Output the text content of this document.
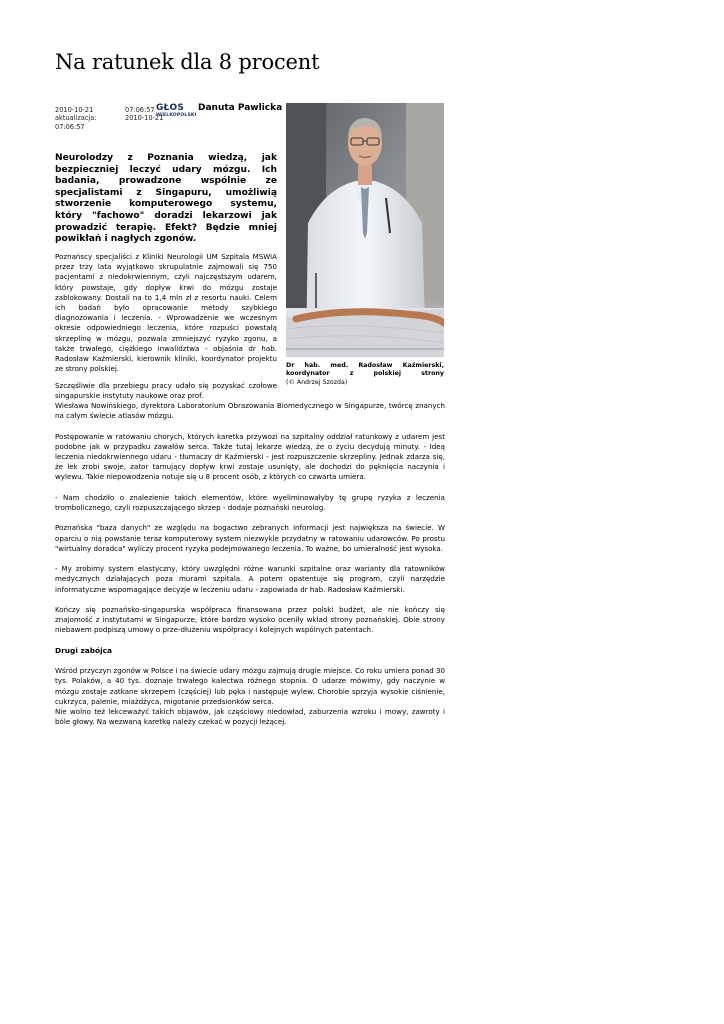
Na ratunek dla 8 procent
2010-10-21	07:06:57
aktualizacja:	2010-10-21
07:06:57
GŁOS
WIELKOPOLSKI
Danuta Pawlicka
Dr hab. med. Radosław Kaźmierski, koordynator z polskiej strony
(© Andrzej Szozda)

Neurolodzy z Poznania wiedzą, jak bezpieczniej leczyć udary mózgu. Ich badania, prowadzone wspólnie ze specjalistami z Singapuru, umożliwią stworzenie komputerowego systemu, który "fachowo" doradzi lekarzowi jak prowadzić terapię. Efekt? Będzie mniej powikłań i nagłych zgonów.

Poznańscy specjaliści z Kliniki Neurologii UM Szpitala MSWiA przez trzy lata wyjątkowo skrupulatnie zajmowali się 750 pacjentami z niedokrwiennym, czyli najczęstszym udarem, który powstaje, gdy dopływ krwi do mózgu zostaje zablokowany. Dostali na to 1,4 mln zł z resortu nauki. Celem ich badań było opracowanie metody szybkiego diagnozowania i leczenia. - Wprowadzenie we wczesnym okresie odpowiedniego leczenia, które rozpuści powstałą skrzeplinę w mózgu, pozwala zmniejszyć ryzyko zgonu, a także trwałego, ciężkiego inwalidztwa - objaśnia dr hab. Radosław Kaźmierski, kierownik kliniki, koordynator projektu ze strony polskiej.

Szczęśliwie dla przebiegu pracy udało się pozyskać czołowe singapurskie instytuty naukowe oraz prof.

Wiesława Nowińskiego, dyrektora Laboratorium Obrazowania Biomedycznego w Singapurze, twórcę znanych na całym świecie atlasów mózgu.

Postępowanie w ratowaniu chorych, których karetka przywozi na szpitalny oddział ratunkowy z udarem jest podobne jak w przypadku zawałów serca. Także tutaj lekarze wiedzą, że o życiu decydują minuty. - Ideą leczenia niedokrwiennego udaru - tłumaczy dr Kaźmierski - jest rozpuszczenie skrzepliny. Jednak zdarza się, że lek zrobi swoje, zator tamujący dopływ krwi zostaje usunięty, ale dochodzi do pęknięcia naczynia i wylewu. Takie niepowodzenia notuje się u 8 procent osób, z których co czwarta umiera.

- Nam chodziło o znalezienie takich elementów, które wyeliminowałyby tę grupę ryzyka z leczenia trombolicznego, czyli rozpuszczającego skrzep - dodaje poznański neurolog.

Poznańska "baza danych" ze względu na bogactwo zebranych informacji jest największa na świecie. W oparciu o nią powstanie teraz komputerowy system niezwykle przydatny w ratowaniu udarowców. Po prostu "wirtualny doradca" wyliczy procent ryzyka podejmowanego leczenia. To ważne, bo umieralność jest wysoka.

- My zrobimy system elastyczny, który uwzględni różne warunki szpitalne oraz warianty dla ratowników medycznych działających poza murami szpitala. A potem opatentuje się program, czyli narzędzie informatyczne wspomagające decyzje w leczeniu udaru - zapowiada dr hab. Radosław Kaźmierski.

Kończy się poznańsko-singapurska współpraca finansowana przez polski budżet, ale nie kończy się znajomość z instytutami w Singapurze, które bardzo wysoko oceniły wkład strony poznańskiej. Obie strony niebawem podpiszą umowy o prze-dłużeniu współpracy i kolejnych wspólnych patentach.

Drugi zabójca

Wśród przyczyn zgonów w Polsce i na świecie udary mózgu zajmują drugie miejsce. Co roku umiera ponad 30 tys. Polaków, a 40 tys. doznaje trwałego kalectwa różnego stopnia. O udarze mówimy, gdy naczynie w mózgu zostaje zatkane skrzepem (częściej) lub pęka i następuje wylew. Chorobie sprzyja wysokie ciśnienie, cukrzyca, palenie, miażdżyca, migotanie przedsionków serca.

Nie wolno też lekceważyć takich objawów, jak częściowy niedowład, zaburzenia wzroku i mowy, zawroty i bóle głowy. Na wezwaną karetkę należy czekać w pozycji leżącej.
